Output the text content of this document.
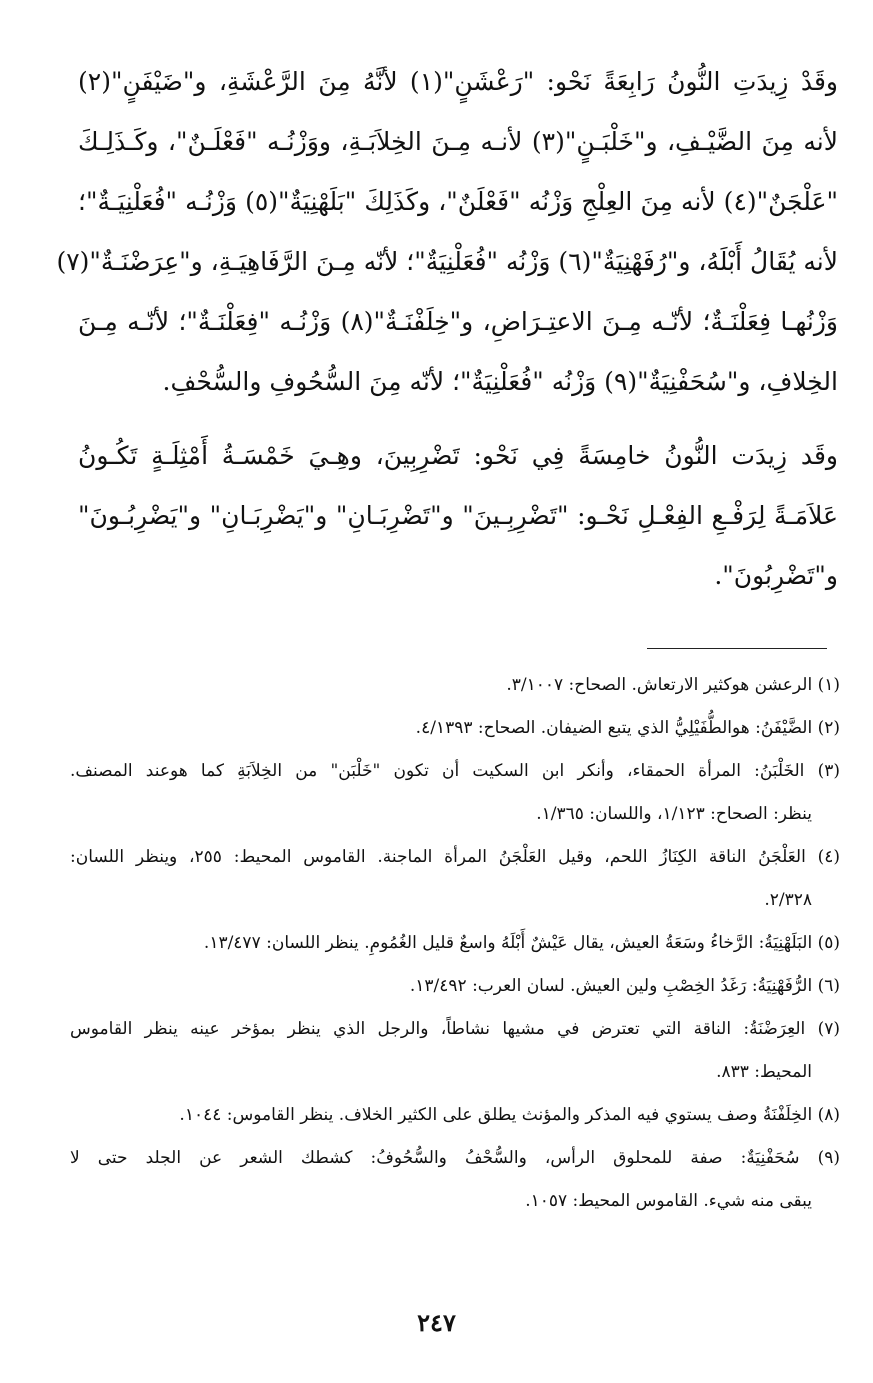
وقَدْ زِيدَتِ النُّونُ رَابِعَةً نَحْو: "رَعْشَنٍ"(١) لأنَّهُ مِنَ الرَّعْشَةِ، و"ضَيْفَنٍ"(٢)
لأنه مِنَ الضَّيْـفِ، و"خَلْبَـنٍ"(٣) لأنـه مِـنَ الخِلاَبَـةِ، ووَزْنُـه "فَعْلَـنٌ"، وكَـذَلِـكَ
"عَلْجَنٌ"(٤) لأنه مِنَ العِلْجِ وَزْنُه "فَعْلَنٌ"، وكَذَلِكَ "بَلَهْنِيَةٌ"(٥) وَزْنُـه "فُعَلْنِيَـةٌ"؛
لأنه يُقَالُ أَبْلَهُ، و"رُفَهْنِيَةٌ"(٦) وَزْنُه "فُعَلْنِيَةٌ"؛ لأنّه مِـنَ الرَّفَاهِيَـةِ، و"عِرَضْنَـةٌ"(٧)
وَزْنُهـا فِعَلْنَـةٌ؛ لأنّـه مِـنَ الاعتِـرَاضِ، و"خِلَفْنَـةٌ"(٨) وَزْنُـه "فِعَلْنَـةٌ"؛ لأنّـه مِـنَ
الخِلافِ، و"سُحَفْنِيَةٌ"(٩) وَزْنُه "فُعَلْنِيَةٌ"؛ لأنّه مِنَ السُّحُوفِ والسُّحْفِ.
وقَد زِيدَت النُّونُ خامِسَةً فِي نَحْو: تَضْرِبِينَ، وهِـيَ خَمْسَـةُ أَمْثِلَـةٍ تَكُـونُ
عَلاَمَـةً لِرَفْـعِ الفِعْـلِ نَحْـو: "تَضْرِبِـينَ" و"تَضْرِبَـانِ" و"يَضْرِبَـانِ" و"يَضْرِبُـونَ"
و"تَضْرِبُونَ".
(١) الرعشن هوكثير الارتعاش. الصحاح: ٣/١٠٠٧.
(٢) الضَّيْفَنُ: هوالطُّفَيْلِيُّ الذي يتبع الضيفان. الصحاح: ٤/١٣٩٣.
(٣) الخَلْبَنُ: المرأة الحمقاء، وأنكر ابن السكيت أن تكون "خَلْبَن" من الخِلاَبَةِ كما هوعند المصنف.
ينظر: الصحاح: ١/١٢٣، واللسان: ١/٣٦٥.
(٤) العَلْجَنُ الناقة الكِنَازُ اللحم، وقيل العَلْجَنُ المرأة الماجنة. القاموس المحيط: ٢٥٥، وينظر اللسان:
٢/٣٢٨.
(٥) البَلَهْنِيَةُ: الرَّخاءُ وسَعَةُ العيش، يقال عَيْشٌ أَبْلَهُ واسعٌ قليل الغُمُومِ. ينظر اللسان: ١٣/٤٧٧.
(٦) الرُّفَهْنِيَةُ: رَغَدُ الخِصْبِ ولين العيش. لسان العرب: ١٣/٤٩٢.
(٧) العِرَضْنَةُ: الناقة التي تعترض في مشيها نشاطاً، والرجل الذي ينظر بمؤخر عينه ينظر القاموس
المحيط: ٨٣٣.
(٨) الخِلَفْنَةُ وصف يستوي فيه المذكر والمؤنث يطلق على الكثير الخلاف. ينظر القاموس: ١٠٤٤.
(٩) سُحَفْنِيَةٌ: صفة للمحلوق الرأس، والسُّحْفُ والسُّحُوفُ: كشطك الشعر عن الجلد حتى لا
يبقى منه شيء. القاموس المحيط: ١٠٥٧.
٢٤٧
